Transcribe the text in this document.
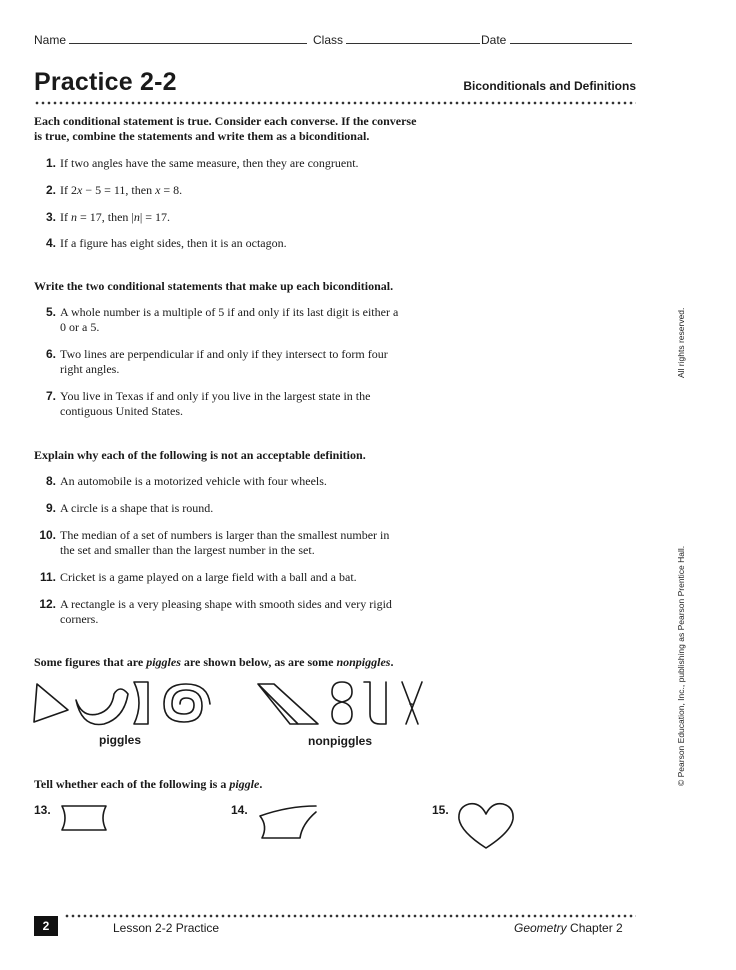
Name	Class	Date
Practice 2-2	Biconditionals and Definitions
Each conditional statement is true. Consider each converse. If the converse
is true, combine the statements and write them as a biconditional.
1. If two angles have the same measure, then they are congruent.
2. If 2x − 5 = 11, then x = 8.
3. If n = 17, then |n| = 17.
4. If a figure has eight sides, then it is an octagon.
Write the two conditional statements that make up each biconditional.
5. A whole number is a multiple of 5 if and only if its last digit is either a
0 or a 5.
6. Two lines are perpendicular if and only if they intersect to form four
right angles.
7. You live in Texas if and only if you live in the largest state in the
contiguous United States.
Explain why each of the following is not an acceptable definition.
8. An automobile is a motorized vehicle with four wheels.
9. A circle is a shape that is round.
10. The median of a set of numbers is larger than the smallest number in
the set and smaller than the largest number in the set.
11. Cricket is a game played on a large field with a ball and a bat.
12. A rectangle is a very pleasing shape with smooth sides and very rigid
corners.
Some figures that are piggles are shown below, as are some nonpiggles.
piggles	nonpiggles
Tell whether each of the following is a piggle.
13.	14.	15.
All rights reserved.
© Pearson Education, Inc., publishing as Pearson Prentice Hall.
2	Lesson 2-2 Practice	Geometry Chapter 2
